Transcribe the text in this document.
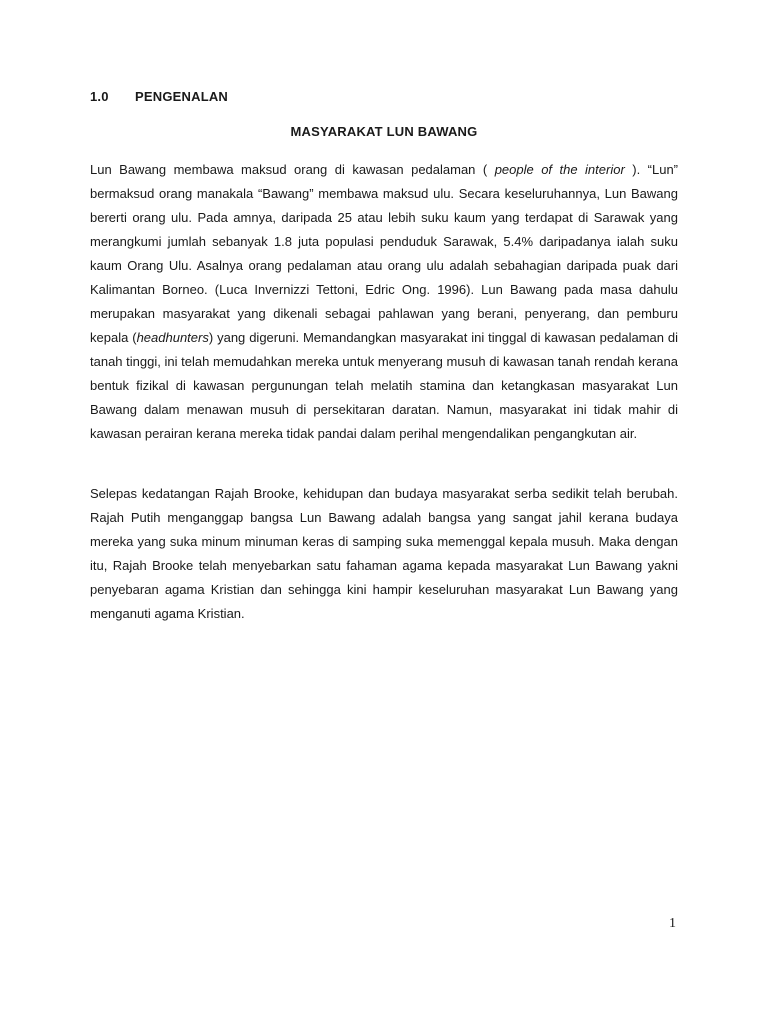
1.0 PENGENALAN
MASYARAKAT LUN BAWANG

Lun Bawang membawa maksud orang di kawasan pedalaman ( people of the interior ). “Lun” bermaksud orang manakala “Bawang” membawa maksud ulu. Secara keseluruhannya, Lun Bawang bererti orang ulu. Pada amnya, daripada 25 atau lebih suku kaum yang terdapat di Sarawak yang merangkumi jumlah sebanyak 1.8 juta populasi penduduk Sarawak, 5.4% daripadanya ialah suku kaum Orang Ulu. Asalnya orang pedalaman atau orang ulu adalah sebahagian daripada puak dari Kalimantan Borneo. (Luca Invernizzi Tettoni, Edric Ong. 1996). Lun Bawang pada masa dahulu merupakan masyarakat yang dikenali sebagai pahlawan yang berani, penyerang, dan pemburu kepala (headhunters) yang digeruni. Memandangkan masyarakat ini tinggal di kawasan pedalaman di tanah tinggi, ini telah memudahkan mereka untuk menyerang musuh di kawasan tanah rendah kerana bentuk fizikal di kawasan pergunungan telah melatih stamina dan ketangkasan masyarakat Lun Bawang dalam menawan musuh di persekitaran daratan. Namun, masyarakat ini tidak mahir di kawasan perairan kerana mereka tidak pandai dalam perihal mengendalikan pengangkutan air.

Selepas kedatangan Rajah Brooke, kehidupan dan budaya masyarakat serba sedikit telah berubah. Rajah Putih menganggap bangsa Lun Bawang adalah bangsa yang sangat jahil kerana budaya mereka yang suka minum minuman keras di samping suka memenggal kepala musuh. Maka dengan itu, Rajah Brooke telah menyebarkan satu fahaman agama kepada masyarakat Lun Bawang yakni penyebaran agama Kristian dan sehingga kini hampir keseluruhan masyarakat Lun Bawang yang menganuti agama Kristian.

1
